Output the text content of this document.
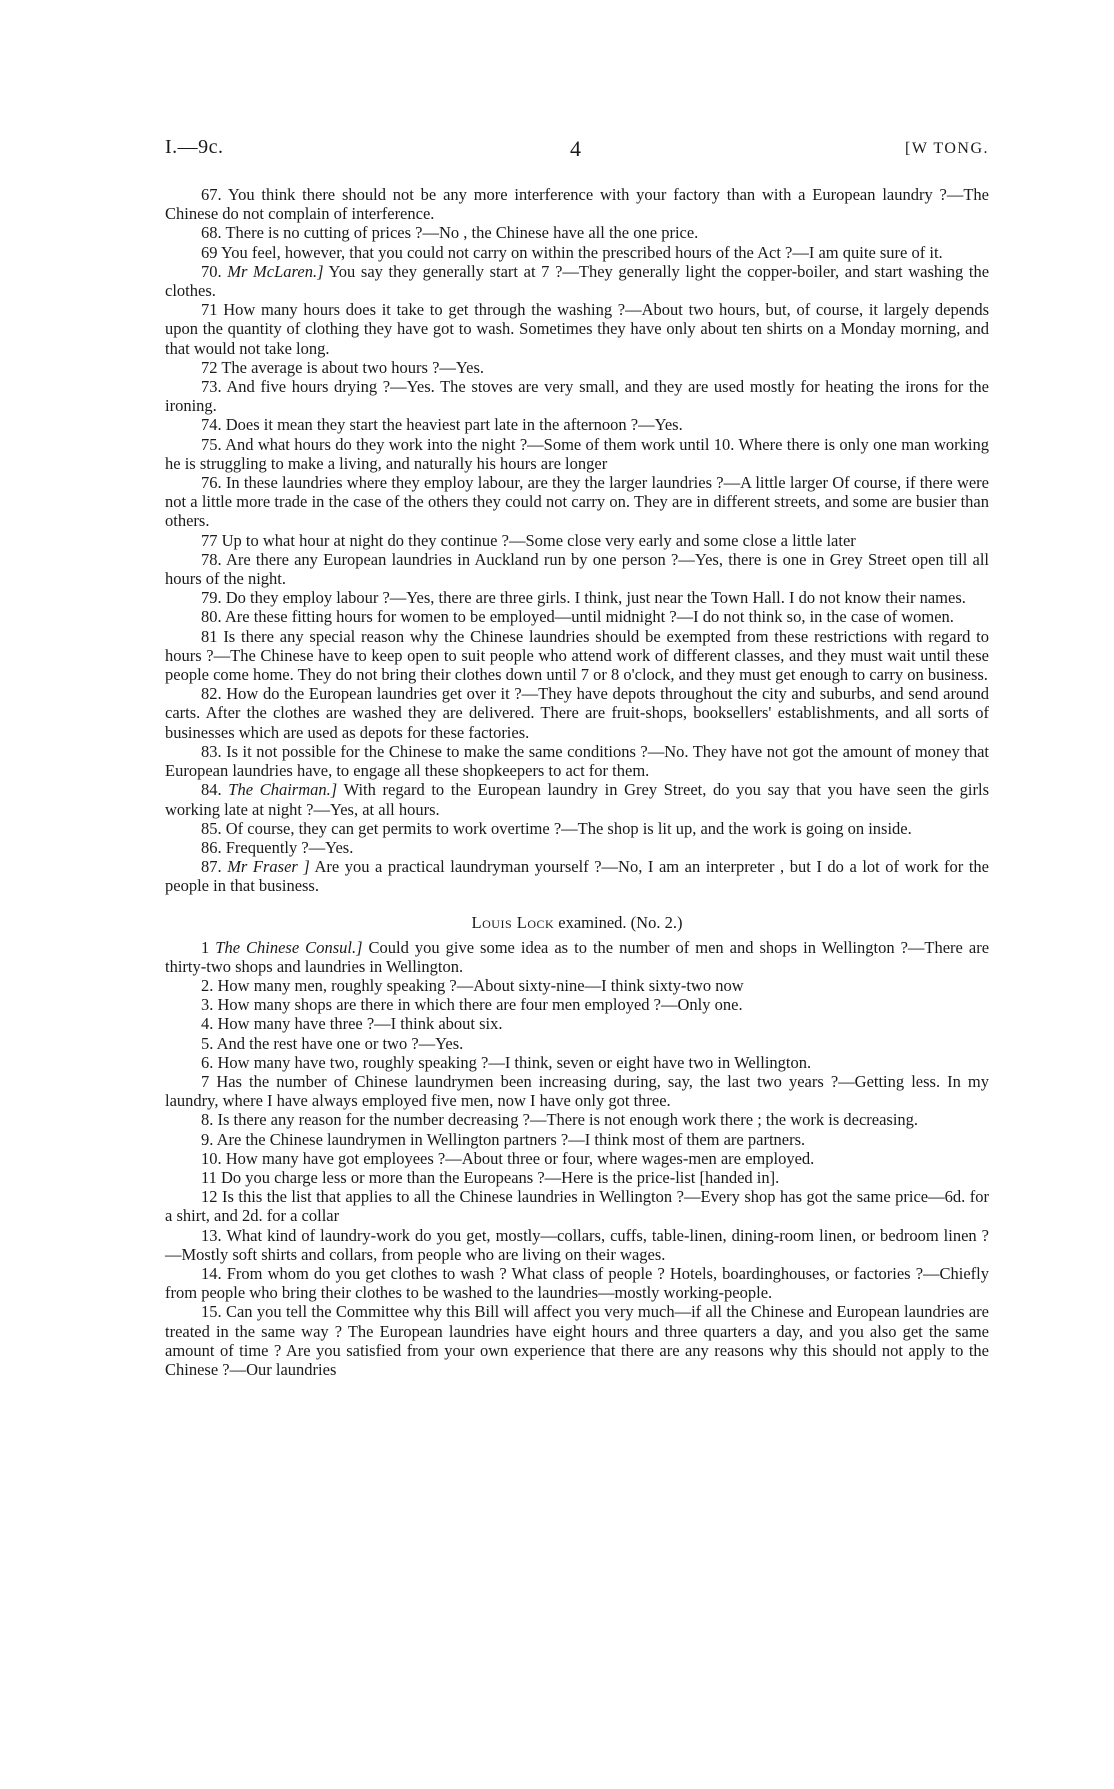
I.—9c.	4	[W TONG.

67. You think there should not be any more interference with your factory than with a European laundry ?—The Chinese do not complain of interference.

68. There is no cutting of prices ?—No , the Chinese have all the one price.

69 You feel, however, that you could not carry on within the prescribed hours of the Act ?—I am quite sure of it.

70. Mr McLaren.] You say they generally start at 7 ?—They generally light the copper-boiler, and start washing the clothes.

71 How many hours does it take to get through the washing ?—About two hours, but, of course, it largely depends upon the quantity of clothing they have got to wash. Sometimes they have only about ten shirts on a Monday morning, and that would not take long.

72 The average is about two hours ?—Yes.

73. And five hours drying ?—Yes. The stoves are very small, and they are used mostly for heating the irons for the ironing.

74. Does it mean they start the heaviest part late in the afternoon ?—Yes.

75. And what hours do they work into the night ?—Some of them work until 10. Where there is only one man working he is struggling to make a living, and naturally his hours are longer

76. In these laundries where they employ labour, are they the larger laundries ?—A little larger Of course, if there were not a little more trade in the case of the others they could not carry on. They are in different streets, and some are busier than others.

77 Up to what hour at night do they continue ?—Some close very early and some close a little later

78. Are there any European laundries in Auckland run by one person ?—Yes, there is one in Grey Street open till all hours of the night.

79. Do they employ labour ?—Yes, there are three girls. I think, just near the Town Hall. I do not know their names.

80. Are these fitting hours for women to be employed—until midnight ?—I do not think so, in the case of women.

81 Is there any special reason why the Chinese laundries should be exempted from these restrictions with regard to hours ?—The Chinese have to keep open to suit people who attend work of different classes, and they must wait until these people come home. They do not bring their clothes down until 7 or 8 o'clock, and they must get enough to carry on business.

82. How do the European laundries get over it ?—They have depots throughout the city and suburbs, and send around carts. After the clothes are washed they are delivered. There are fruit-shops, booksellers' establishments, and all sorts of businesses which are used as depots for these factories.

83. Is it not possible for the Chinese to make the same conditions ?—No. They have not got the amount of money that European laundries have, to engage all these shopkeepers to act for them.

84. The Chairman.] With regard to the European laundry in Grey Street, do you say that you have seen the girls working late at night ?—Yes, at all hours.

85. Of course, they can get permits to work overtime ?—The shop is lit up, and the work is going on inside.

86. Frequently ?—Yes.

87. Mr Fraser ] Are you a practical laundryman yourself ?—No, I am an interpreter , but I do a lot of work for the people in that business.

Louis Lock examined. (No. 2.)

1 The Chinese Consul.] Could you give some idea as to the number of men and shops in Wellington ?—There are thirty-two shops and laundries in Wellington.

2. How many men, roughly speaking ?—About sixty-nine—I think sixty-two now

3. How many shops are there in which there are four men employed ?—Only one.

4. How many have three ?—I think about six.

5. And the rest have one or two ?—Yes.

6. How many have two, roughly speaking ?—I think, seven or eight have two in Wellington.

7 Has the number of Chinese laundrymen been increasing during, say, the last two years ?—Getting less. In my laundry, where I have always employed five men, now I have only got three.

8. Is there any reason for the number decreasing ?—There is not enough work there ; the work is decreasing.

9. Are the Chinese laundrymen in Wellington partners ?—I think most of them are partners.

10. How many have got employees ?—About three or four, where wages-men are employed.

11 Do you charge less or more than the Europeans ?—Here is the price-list [handed in].

12 Is this the list that applies to all the Chinese laundries in Wellington ?—Every shop has got the same price—6d. for a shirt, and 2d. for a collar

13. What kind of laundry-work do you get, mostly—collars, cuffs, table-linen, dining-room linen, or bedroom linen ?—Mostly soft shirts and collars, from people who are living on their wages.

14. From whom do you get clothes to wash ? What class of people ? Hotels, boardinghouses, or factories ?—Chiefly from people who bring their clothes to be washed to the laundries—mostly working-people.

15. Can you tell the Committee why this Bill will affect you very much—if all the Chinese and European laundries are treated in the same way ? The European laundries have eight hours and three quarters a day, and you also get the same amount of time ? Are you satisfied from your own experience that there are any reasons why this should not apply to the Chinese ?—Our laundries
